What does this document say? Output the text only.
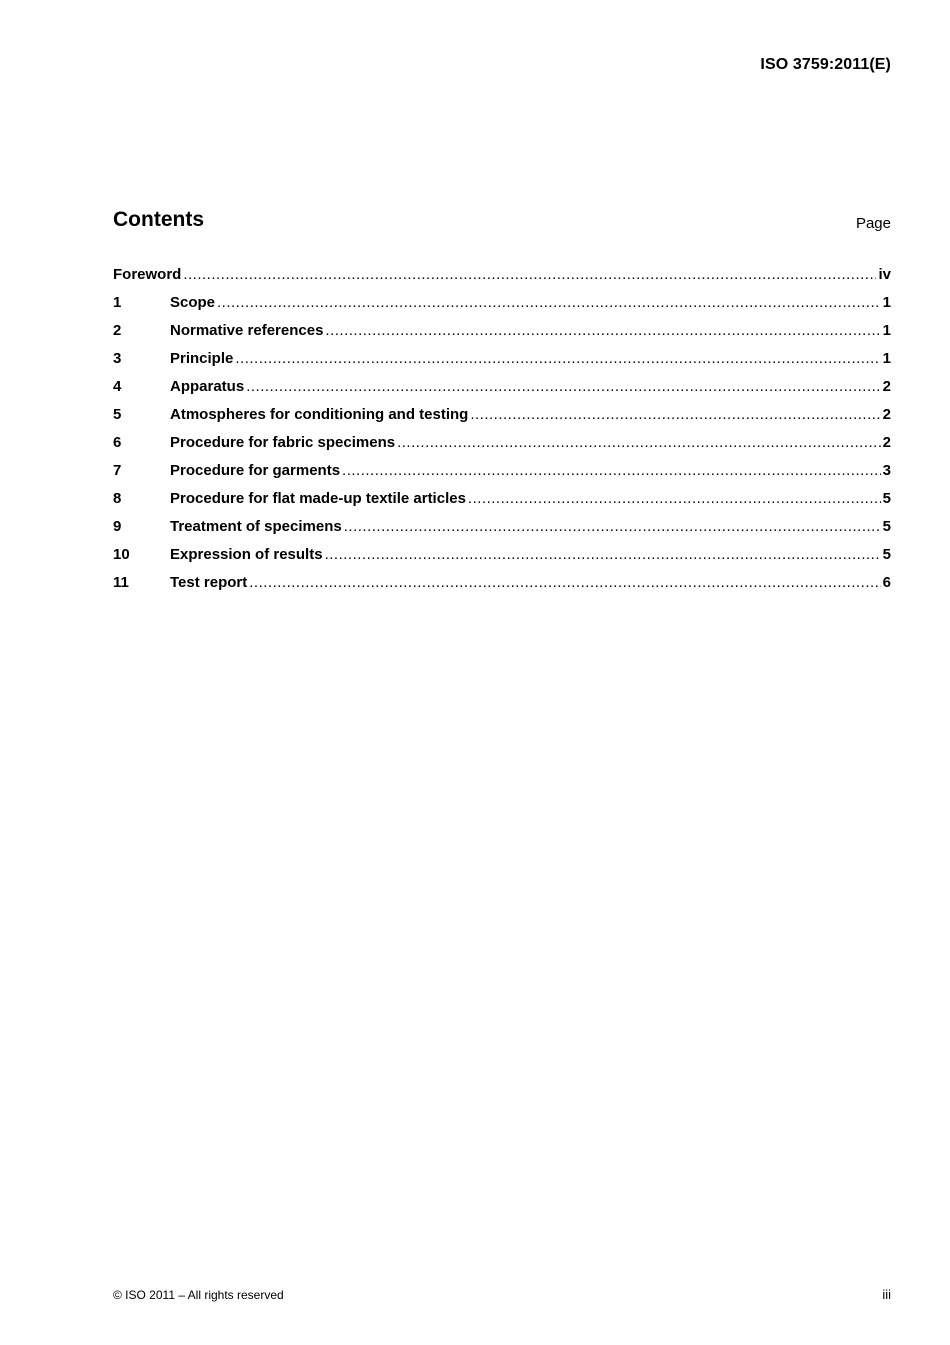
ISO 3759:2011(E)
Contents	Page
Foreword .....	iv
1	Scope .....	1
2	Normative references .....	1
3	Principle .....	1
4	Apparatus .....	2
5	Atmospheres for conditioning and testing .....	2
6	Procedure for fabric specimens .....	2
7	Procedure for garments .....	3
8	Procedure for flat made-up textile articles .....	5
9	Treatment of specimens .....	5
10	Expression of results .....	5
11	Test report .....	6
© ISO 2011 – All rights reserved	iii
